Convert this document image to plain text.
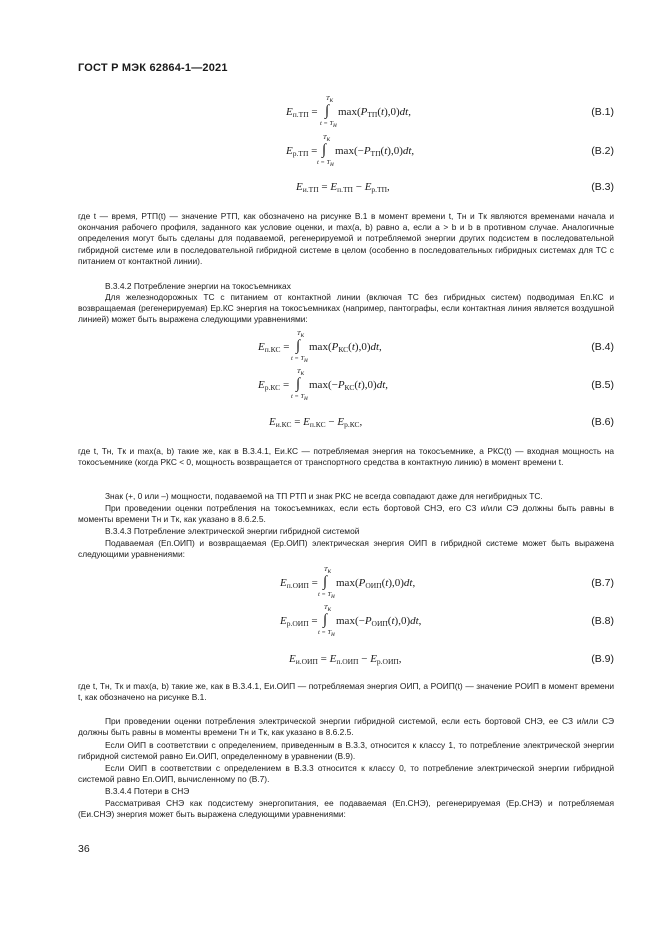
ГОСТ Р МЭК 62864-1—2021
$E_{п.ТП}$ =
$T_к$
∫
$t = T_н$
$\max(P_{ТП}(t),0)dt$,	(В.1)
$E_{р.ТП}$ =
$T_к$
∫
$t = T_н$
$\max(-P_{ТП}(t),0)dt$,	(В.2)
$E_{и.ТП} = E_{п.ТП} - E_{р.ТП}$,	(В.3)
где t — время, PТП(t) — значение PТП, как обозначено на рисунке В.1 в момент времени t, Tн и Tк являются временами начала и окончания рабочего профиля, заданного как условие оценки, и max(a, b) равно a, если a > b и b в противном случае. Аналогичные определения могут быть сделаны для подаваемой, регенерируемой и потребляемой энергии других подсистем в последовательной гибридной системе или в последовательной гибридной системе в целом (особенно в последовательных гибридных системах для ТС с питанием от контактной линии).
В.3.4.2 Потребление энергии на токосъемниках
Для железнодорожных ТС с питанием от контактной линии (включая ТС без гибридных систем) подводимая Eп.КС и возвращаемая (регенерируемая) Eр.КС энергия на токосъемниках (например, пантографы, если контактная линия является воздушной линией) может быть выражена следующими уравнениями:
$E_{п.КС}$ =
$T_к$
∫
$t = T_н$
$\max(P_{КС}(t),0)dt$,	(В.4)
$E_{р.КС}$ =
$T_к$
∫
$t = T_н$
$\max(-P_{КС}(t),0)dt$,	(В.5)
$E_{и.КС} = E_{п.КС} - E_{р.КС}$,	(В.6)
где t, Tн, Tк и max(a, b) такие же, как в В.3.4.1, Eи.КС — потребляемая энергия на токосъемнике, а PКС(t) — входная мощность на токосъемнике (когда PКС < 0, мощность возвращается от транспортного средства в контактную линию) в момент времени t.
Знак (+, 0 или –) мощности, подаваемой на ТП PТП и знак PКС не всегда совпадают даже для негибридных ТС.
При проведении оценки потребления на токосъемниках, если есть бортовой СНЭ, его СЗ и/или СЭ должны быть равны в моменты времени Tн и Tк, как указано в 8.6.2.5.
В.3.4.3 Потребление электрической энергии гибридной системой
Подаваемая (Eп.ОИП) и возвращаемая (Eр.ОИП) электрическая энергия ОИП в гибридной системе может быть выражена следующими уравнениями:
$E_{п.ОИП}$ =
$T_к$
∫
$t = T_н$
$\max(P_{ОИП}(t),0)dt$,	(В.7)
$E_{р.ОИП}$ =
$T_к$
∫
$t = T_н$
$\max(-P_{ОИП}(t),0)dt$,	(В.8)
$E_{и.ОИП} = E_{п.ОИП} - E_{р.ОИП}$,	(В.9)
где t, Tн, Tк и max(a, b) такие же, как в В.3.4.1, Eи.ОИП — потребляемая энергия ОИП, а PОИП(t) — значение PОИП в момент времени t, как обозначено на рисунке В.1.
При проведении оценки потребления электрической энергии гибридной системой, если есть бортовой СНЭ, ее СЗ и/или СЭ должны быть равны в моменты времени Tн и Tк, как указано в 8.6.2.5.
Если ОИП в соответствии с определением, приведенным в В.3.3, относится к классу 1, то потребление электрической энергии гибридной системой равно Eи.ОИП, определенному в уравнении (В.9).
Если ОИП в соответствии с определением в В.3.3 относится к классу 0, то потребление электрической энергии гибридной системой равно Eп.ОИП, вычисленному по (В.7).
В.3.4.4 Потери в СНЭ
Рассматривая СНЭ как подсистему энергопитания, ее подаваемая (Eп.СНЭ), регенерируемая (Eр.СНЭ) и потребляемая (Eи.СНЭ) энергия может быть выражена следующими уравнениями:
36
